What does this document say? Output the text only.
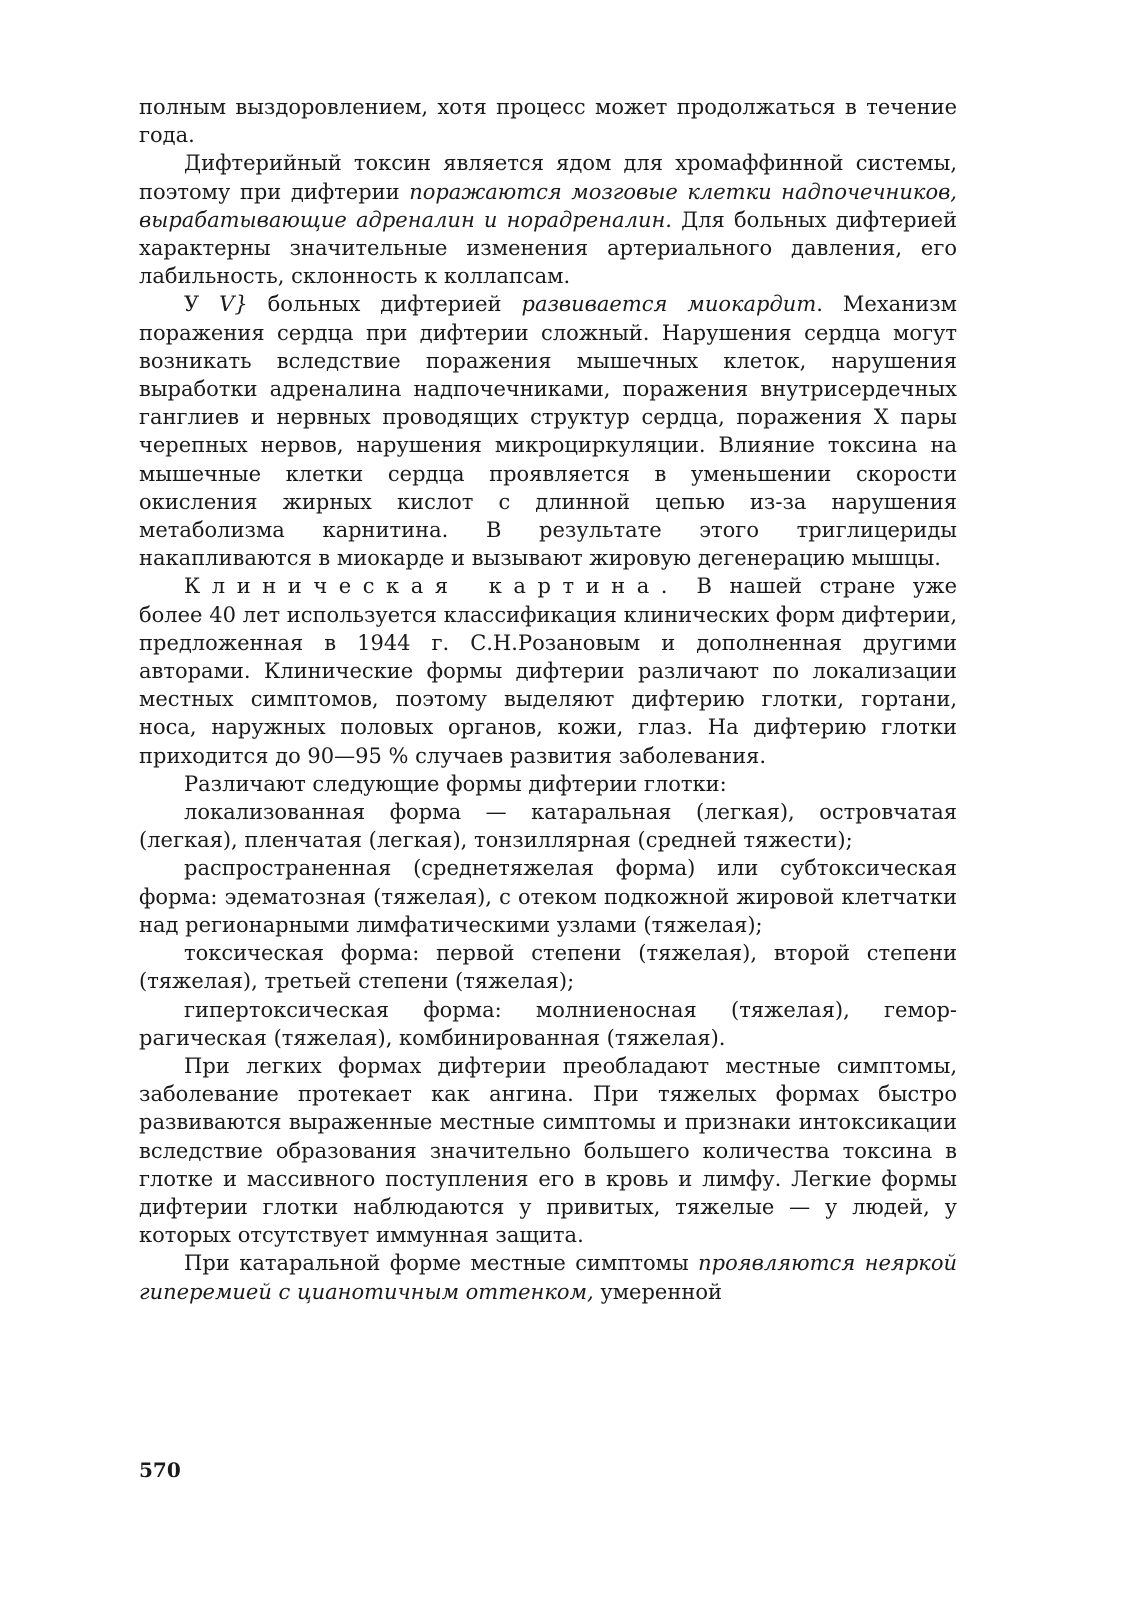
полным выздоровлением, хотя процесс может продолжаться в течение года.

Дифтерийный токсин является ядом для хромаффинной системы, поэтому при дифтерии поражаются мозговые клетки надпочечников, вырабатывающие адреналин и норадреналин. Для больных дифтерией характерны значительные изменения артериального давления, его лабильность, склонность к коллапсам.

У V} больных дифтерией развивается миокардит. Механизм поражения сердца при дифтерии сложный. Нарушения сердца могут возникать вследствие поражения мышечных клеток, нарушения выработки адреналина надпочечниками, поражения внутрисердечных ганглиев и нервных проводящих структур сердца, поражения X пары черепных нервов, нарушения микроциркуляции. Влияние токсина на мышечные клетки сердца проявляется в уменьшении скорости окисления жирных кислот с длинной цепью из-за нарушения метаболизма карнитина. В результате этого триглицериды накапливаются в миокарде и вызывают жировую дегенерацию мышцы.

Клиническая картина. В нашей стране уже более 40 лет используется классификация клинических форм дифтерии, предложенная в 1944 г. С.Н.Розановым и дополненная другими авторами. Клинические формы дифтерии различают по локализации местных симптомов, поэтому выделяют дифтерию глотки, гортани, носа, наружных половых органов, кожи, глаз. На дифтерию глотки приходится до 90—95 % случаев развития заболевания.

Различают следующие формы дифтерии глотки:

локализованная форма — катаральная (легкая), островчатая (легкая), пленчатая (легкая), тонзиллярная (средней тяжести);

распространенная (среднетяжелая форма) или субтоксическая форма: эдематозная (тяжелая), с отеком подкожной жировой клетчатки над регионарными лимфатическими узлами (тяжелая);

токсическая форма: первой степени (тяжелая), второй степени (тяжелая), третьей степени (тяжелая);

гипертоксическая форма: молниеносная (тяжелая), геморрагическая (тяжелая), комбинированная (тяжелая).

При легких формах дифтерии преобладают местные симптомы, заболевание протекает как ангина. При тяжелых формах быстро развиваются выраженные местные симптомы и признаки интоксикации вследствие образования значительно большего количества токсина в глотке и массивного поступления его в кровь и лимфу. Легкие формы дифтерии глотки наблюдаются у привитых, тяжелые — у людей, у которых отсутствует иммунная защита.

При катаральной форме местные симптомы проявляются неяркой гиперемией с цианотичным оттенком, умеренной

570
